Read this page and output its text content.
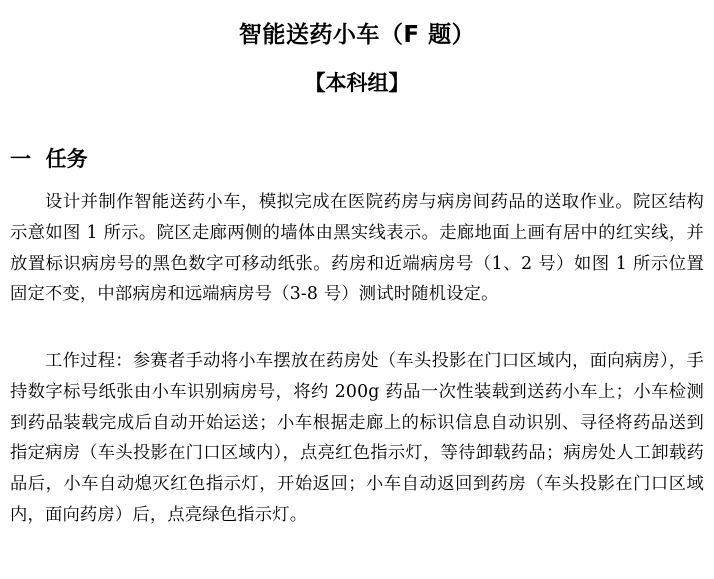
智能送药小车（F 题）
【本科组】
一 任务

设计并制作智能送药小车，模拟完成在医院药房与病房间药品的送取作业。院区结构示意如图 1 所示。院区走廊两侧的墙体由黑实线表示。走廊地面上画有居中的红实线，并放置标识病房号的黑色数字可移动纸张。药房和近端病房号（1、2 号）如图 1 所示位置固定不变，中部病房和远端病房号（3-8 号）测试时随机设定。

工作过程：参赛者手动将小车摆放在药房处（车头投影在门口区域内，面向病房），手持数字标号纸张由小车识别病房号，将约 200g 药品一次性装载到送药小车上；小车检测到药品装载完成后自动开始运送；小车根据走廊上的标识信息自动识别、寻径将药品送到指定病房（车头投影在门口区域内），点亮红色指示灯，等待卸载药品；病房处人工卸载药品后，小车自动熄灭红色指示灯，开始返回；小车自动返回到药房（车头投影在门口区域内，面向药房）后，点亮绿色指示灯。
